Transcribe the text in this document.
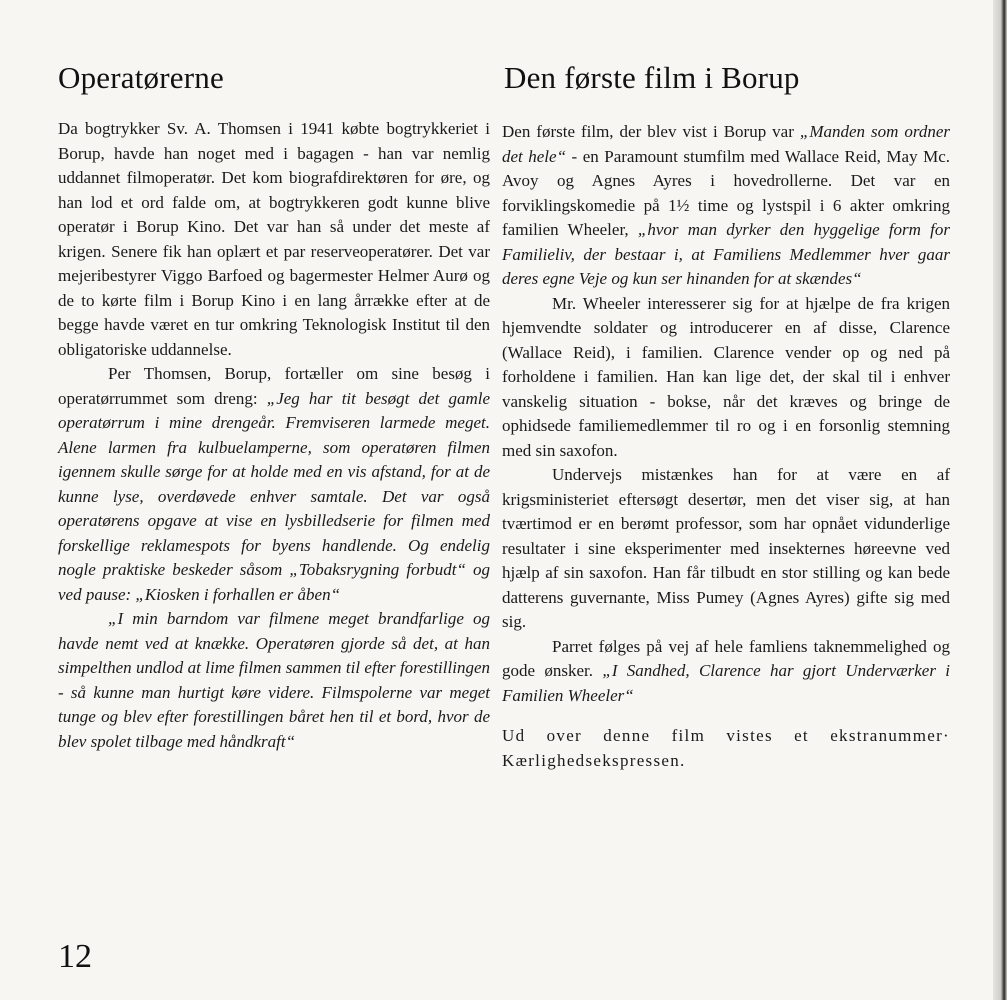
Operatørerne

Da bogtrykker Sv. A. Thomsen i 1941 købte bogtrykkeriet i Borup, havde han noget med i bagagen - han var nemlig uddannet filmoperatør. Det kom biografdirektøren for øre, og han lod et ord falde om, at bogtrykkeren godt kunne blive operatør i Borup Kino. Det var han så under det meste af krigen. Senere fik han oplært et par reserveoperatører. Det var mejeribestyrer Viggo Barfoed og bagermester Helmer Aurø og de to kørte film i Borup Kino i en lang årrække efter at de begge havde været en tur omkring Teknologisk Institut til den obligatoriske uddannelse.

Per Thomsen, Borup, fortæller om sine besøg i operatørrummet som dreng: „Jeg har tit besøgt det gamle operatørrum i mine drengeår. Fremviseren larmede meget. Alene larmen fra kulbuelamperne, som operatøren filmen igennem skulle sørge for at holde med en vis afstand, for at de kunne lyse, overdøvede enhver samtale. Det var også operatørens opgave at vise en lysbilledserie for filmen med forskellige reklamespots for byens handlende. Og endelig nogle praktiske beskeder såsom „Tobaksrygning forbudt“ og ved pause: „Kiosken i forhallen er åben“

„I min barndom var filmene meget brandfarlige og havde nemt ved at knække. Operatøren gjorde så det, at han simpelthen undlod at lime filmen sammen til efter forestillingen - så kunne man hurtigt køre videre. Filmspolerne var meget tunge og blev efter forestillingen båret hen til et bord, hvor de blev spolet tilbage med håndkraft“

Den første film i Borup

Den første film, der blev vist i Borup var „Manden som ordner det hele“ - en Paramount stumfilm med Wallace Reid, May Mc. Avoy og Agnes Ayres i hovedrollerne. Det var en forviklingskomedie på 1½ time og lystspil i 6 akter omkring familien Wheeler, „hvor man dyrker den hyggelige form for Familieliv, der bestaar i, at Familiens Medlemmer hver gaar deres egne Veje og kun ser hinanden for at skændes“

Mr. Wheeler interesserer sig for at hjælpe de fra krigen hjemvendte soldater og introducerer en af disse, Clarence (Wallace Reid), i familien. Clarence vender op og ned på forholdene i familien. Han kan lige det, der skal til i enhver vanskelig situation - bokse, når det kræves og bringe de ophidsede familiemedlemmer til ro og i en forsonlig stemning med sin saxofon.

Undervejs mistænkes han for at være en af krigsministeriet eftersøgt desertør, men det viser sig, at han tværtimod er en berømt professor, som har opnået vidunderlige resultater i sine eksperimenter med insekternes høreevne ved hjælp af sin saxofon. Han får tilbudt en stor stilling og kan bede datterens guvernante, Miss Pumey (Agnes Ayres) gifte sig med sig.

Parret følges på vej af hele famliens taknemmelighed og gode ønsker. „I Sandhed, Clarence har gjort Underværker i Familien Wheeler“

Ud over denne film vistes et ekstranummer· Kærlighedsekspressen.

12
